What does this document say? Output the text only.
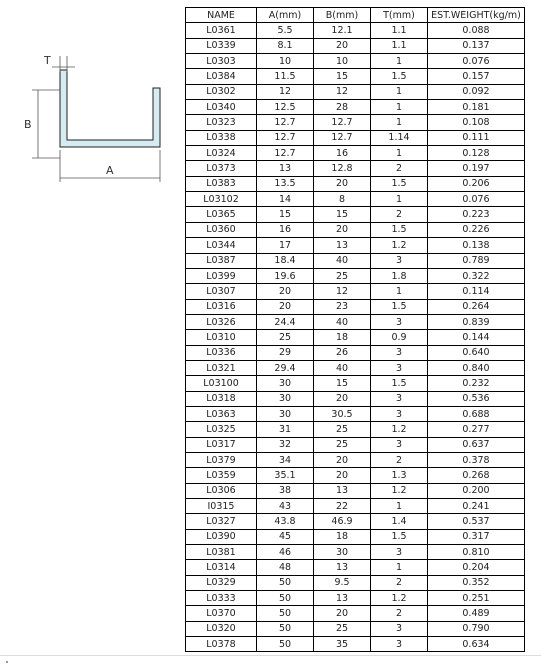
T
B
A
NAME	A(mm)	B(mm)	T(mm)	EST.WEIGHT(kg/m)
L0361	5.5	12.1	1.1	0.088
L0339	8.1	20	1.1	0.137
L0303	10	10	1	0.076
L0384	11.5	15	1.5	0.157
L0302	12	12	1	0.092
L0340	12.5	28	1	0.181
L0323	12.7	12.7	1	0.108
L0338	12.7	12.7	1.14	0.111
L0324	12.7	16	1	0.128
L0373	13	12.8	2	0.197
L0383	13.5	20	1.5	0.206
L03102	14	8	1	0.076
L0365	15	15	2	0.223
L0360	16	20	1.5	0.226
L0344	17	13	1.2	0.138
L0387	18.4	40	3	0.789
L0399	19.6	25	1.8	0.322
L0307	20	12	1	0.114
L0316	20	23	1.5	0.264
L0326	24.4	40	3	0.839
L0310	25	18	0.9	0.144
L0336	29	26	3	0.640
L0321	29.4	40	3	0.840
L03100	30	15	1.5	0.232
L0318	30	20	3	0.536
L0363	30	30.5	3	0.688
L0325	31	25	1.2	0.277
L0317	32	25	3	0.637
L0379	34	20	2	0.378
L0359	35.1	20	1.3	0.268
L0306	38	13	1.2	0.200
I0315	43	22	1	0.241
L0327	43.8	46.9	1.4	0.537
L0390	45	18	1.5	0.317
L0381	46	30	3	0.810
L0314	48	13	1	0.204
L0329	50	9.5	2	0.352
L0333	50	13	1.2	0.251
L0370	50	20	2	0.489
L0320	50	25	3	0.790
L0378	50	35	3	0.634
